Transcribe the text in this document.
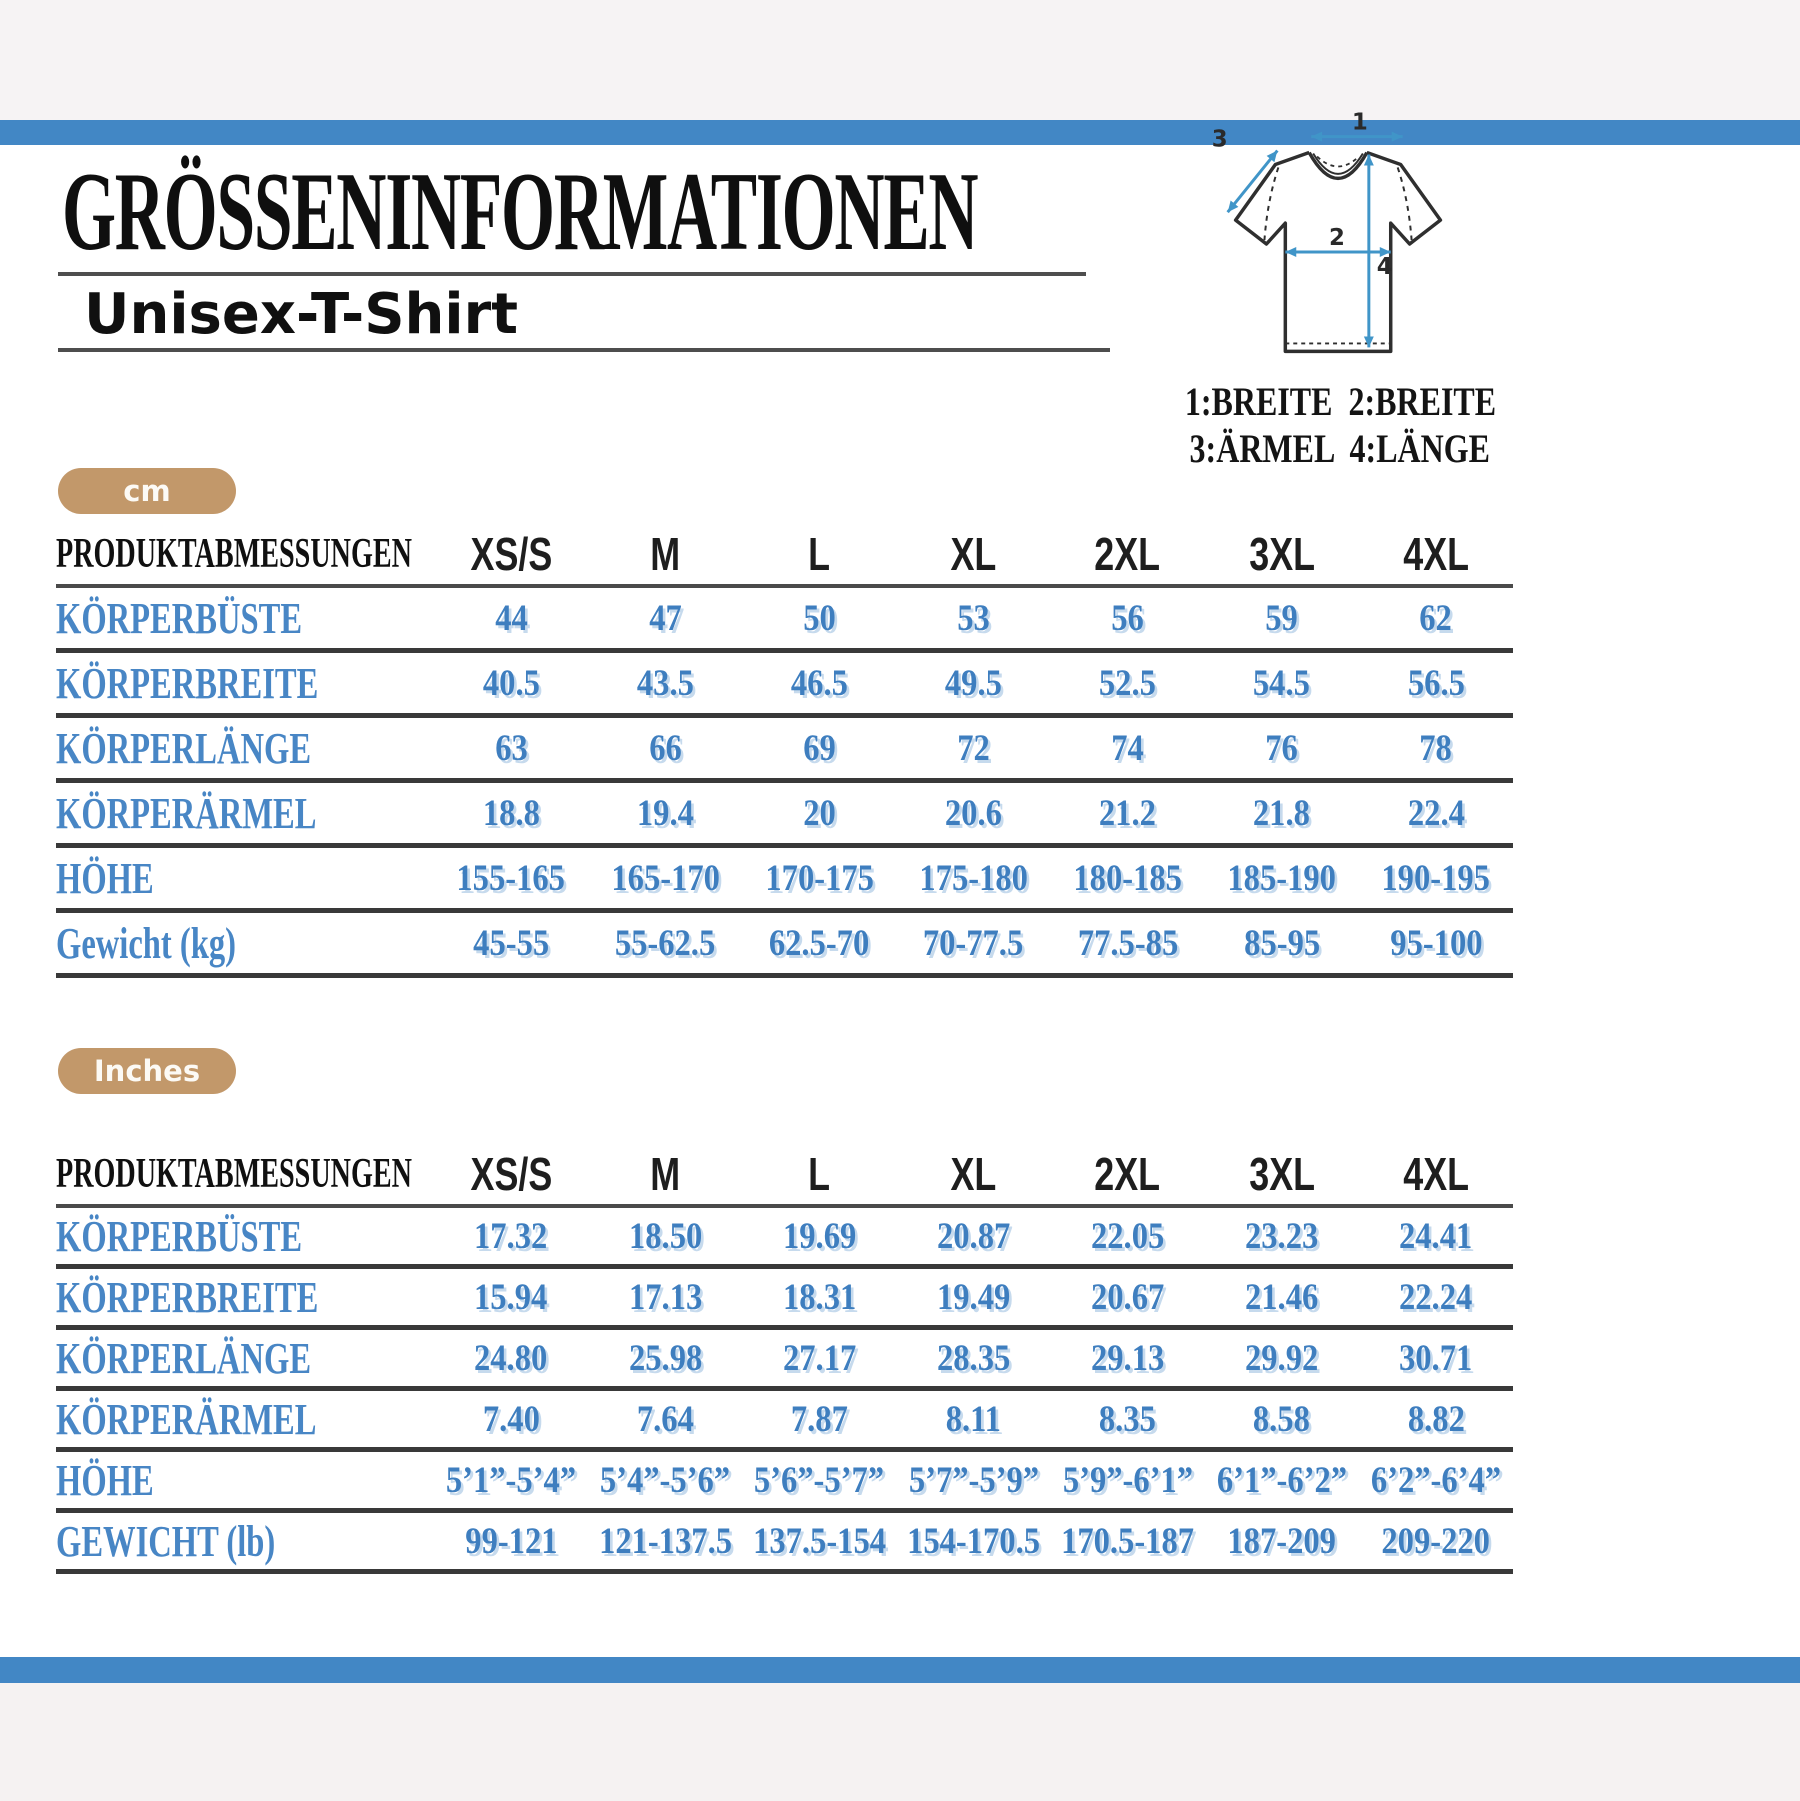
GRÖSSENINFORMATIONEN
Unisex-T-Shirt
1
2
3
4
1:BREITE  2:BREITE
3:ÄRMEL  4:LÄNGE
cm
PRODUKTABMESSUNGEN	XS/S	M	L	XL	2XL	3XL	4XL
KÖRPERBÜSTE	44	47	50	53	56	59	62
KÖRPERBREITE	40.5	43.5	46.5	49.5	52.5	54.5	56.5
KÖRPERLÄNGE	63	66	69	72	74	76	78
KÖRPERÄRMEL	18.8	19.4	20	20.6	21.2	21.8	22.4
HÖHE	155-165	165-170	170-175	175-180	180-185	185-190	190-195
Gewicht (kg)	45-55	55-62.5	62.5-70	70-77.5	77.5-85	85-95	95-100
Inches
PRODUKTABMESSUNGEN	XS/S	M	L	XL	2XL	3XL	4XL
KÖRPERBÜSTE	17.32	18.50	19.69	20.87	22.05	23.23	24.41
KÖRPERBREITE	15.94	17.13	18.31	19.49	20.67	21.46	22.24
KÖRPERLÄNGE	24.80	25.98	27.17	28.35	29.13	29.92	30.71
KÖRPERÄRMEL	7.40	7.64	7.87	8.11	8.35	8.58	8.82
HÖHE	5’1”-5’4”	5’4”-5’6”	5’6”-5’7”	5’7”-5’9”	5’9”-6’1”	6’1”-6’2”	6’2”-6’4”
GEWICHT (lb)	99-121	121-137.5	137.5-154	154-170.5	170.5-187	187-209	209-220
